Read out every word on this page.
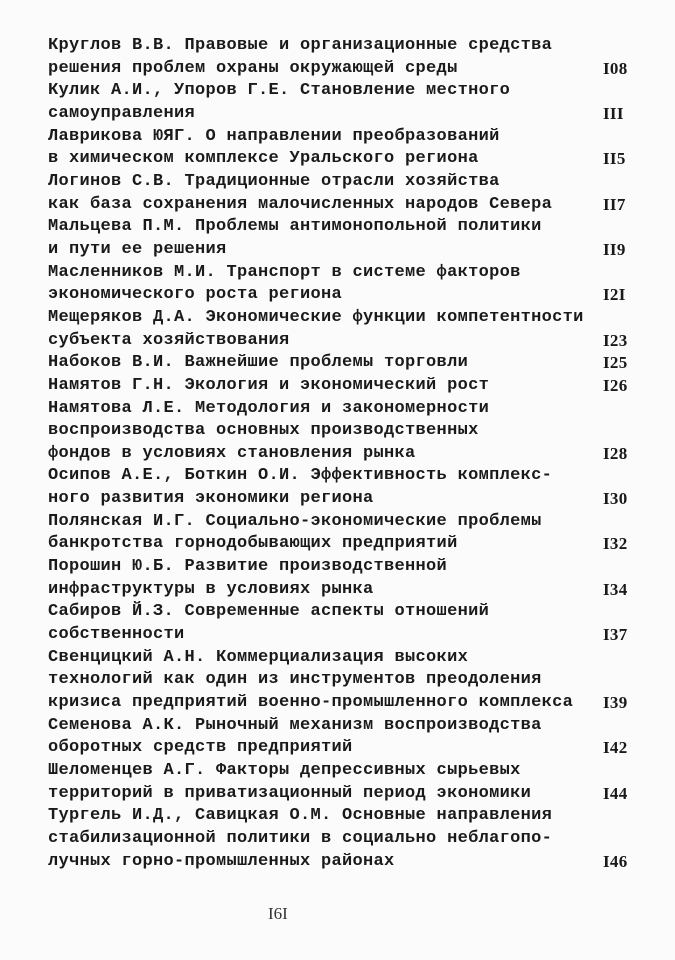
Круглов В.В. Правовые и организационные средства
решения проблем охраны окружающей среды	I08
Кулик А.И., Упоров Г.Е. Становление местного
самоуправления	III
Лаврикова ЮЯГ. О направлении преобразований
в химическом комплексе Уральского региона	II5
Логинов С.В. Традиционные отрасли хозяйства
как база сохранения малочисленных народов Севера	II7
Мальцева П.М. Проблемы антимонопольной политики
и пути ее решения	II9
Масленников М.И. Транспорт в системе факторов
экономического роста региона	I2I
Мещеряков Д.А. Экономические функции компетентности
субъекта хозяйствования	I23
Набоков В.И. Важнейшие проблемы торговли	I25
Намятов Г.Н. Экология и экономический рост	I26
Намятова Л.Е. Методология и закономерности
воспроизводства основных производственных
фондов в условиях становления рынка	I28
Осипов А.Е., Боткин О.И. Эффективность комплекс-
ного развития экономики региона	I30
Полянская И.Г. Социально-экономические проблемы
банкротства горнодобывающих предприятий	I32
Порошин Ю.Б. Развитие производственной
инфраструктуры в условиях рынка	I34
Сабиров Й.З. Современные аспекты отношений
собственности	I37
Свенцицкий А.Н. Коммерциализация высоких
технологий как один из инструментов преодоления
кризиса предприятий военно-промышленного комплекса I39
Семенова А.К. Рыночный механизм воспроизводства
оборотных средств предприятий	I42
Шеломенцев А.Г. Факторы депрессивных сырьевых
территорий в приватизационный период экономики	I44
Тургель И.Д., Савицкая О.М. Основные направления
стабилизационной политики в социально неблагопо-
лучных горно-промышленных районах	I46
I6I
